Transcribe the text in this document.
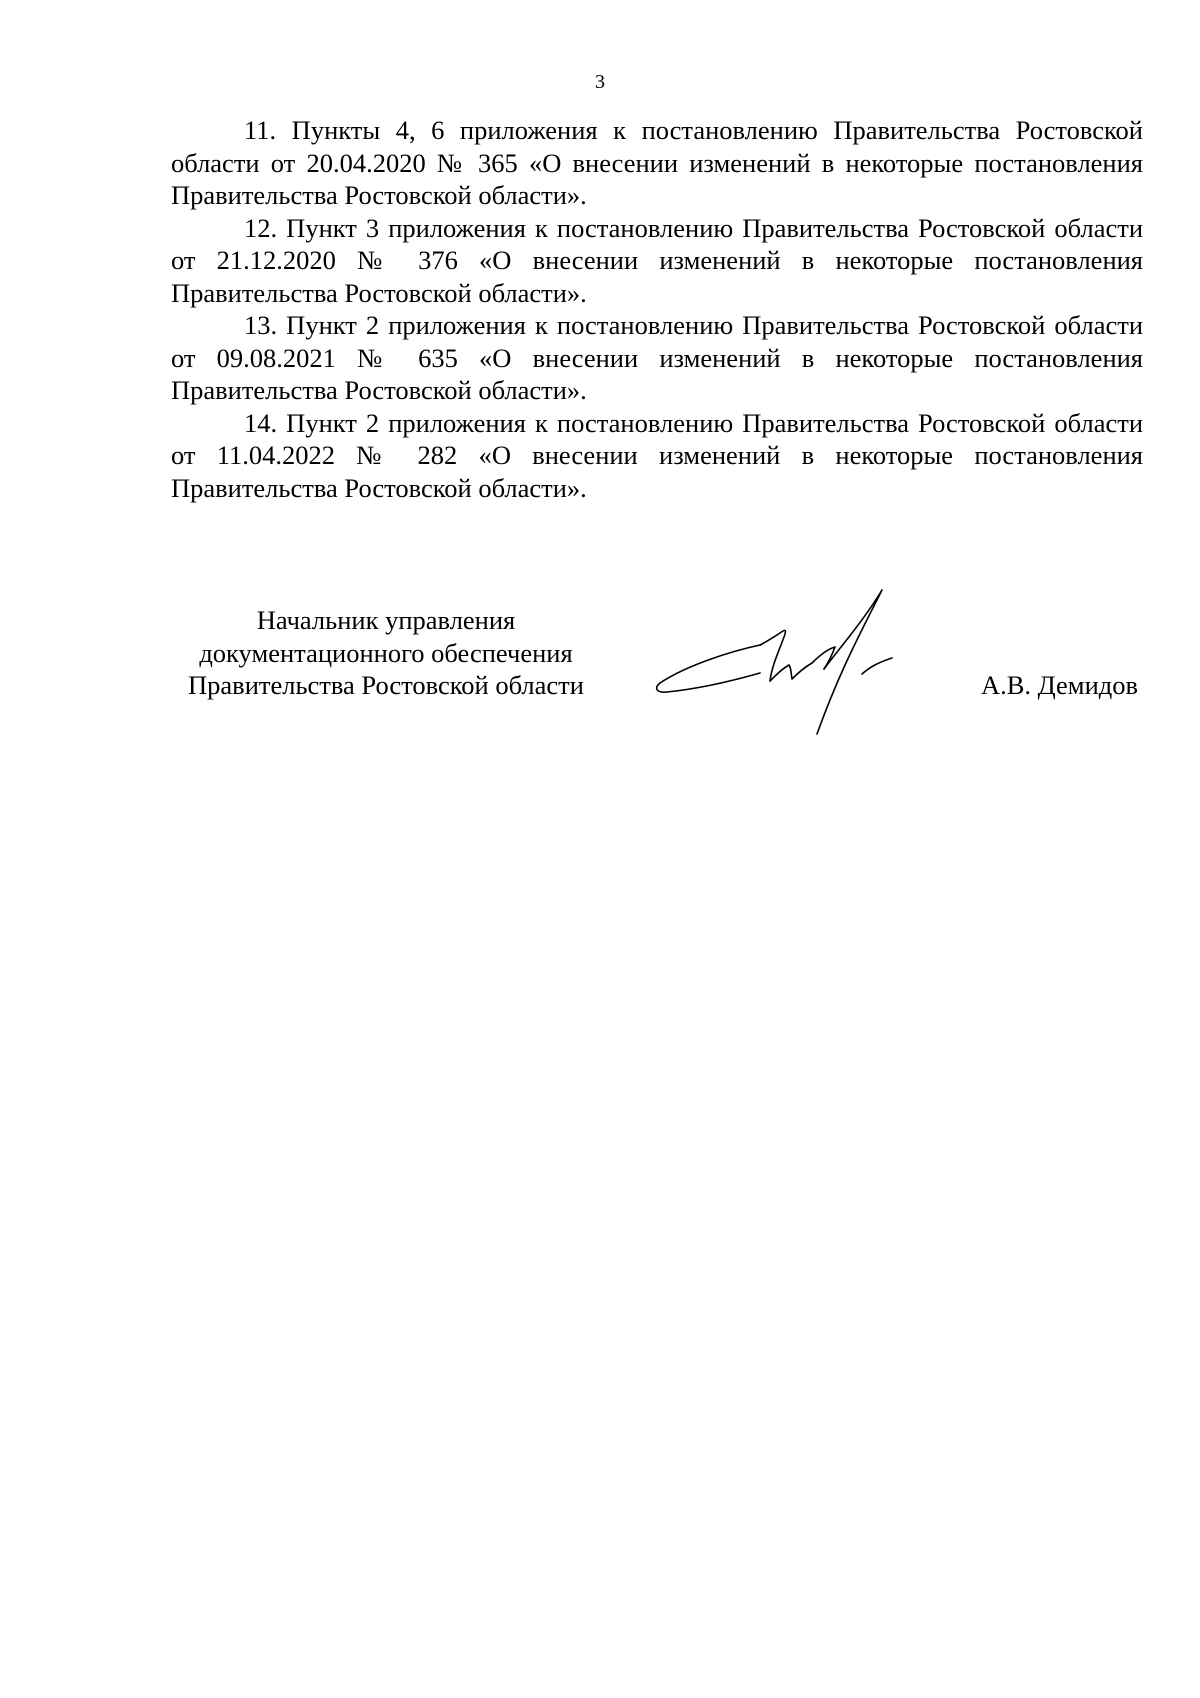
3

11. Пункты 4, 6 приложения к постановлению Правительства Ростовской области от 20.04.2020 № 365 «О внесении изменений в некоторые постановления Правительства Ростовской области».

12. Пункт 3 приложения к постановлению Правительства Ростовской области от 21.12.2020 № 376 «О внесении изменений в некоторые постановления Правительства Ростовской области».

13. Пункт 2 приложения к постановлению Правительства Ростовской области от 09.08.2021 № 635 «О внесении изменений в некоторые постановления Правительства Ростовской области».

14. Пункт 2 приложения к постановлению Правительства Ростовской области от 11.04.2022 № 282 «О внесении изменений в некоторые постановления Правительства Ростовской области».

Начальник управления
документационного обеспечения
Правительства Ростовской области	А.В. Демидов
